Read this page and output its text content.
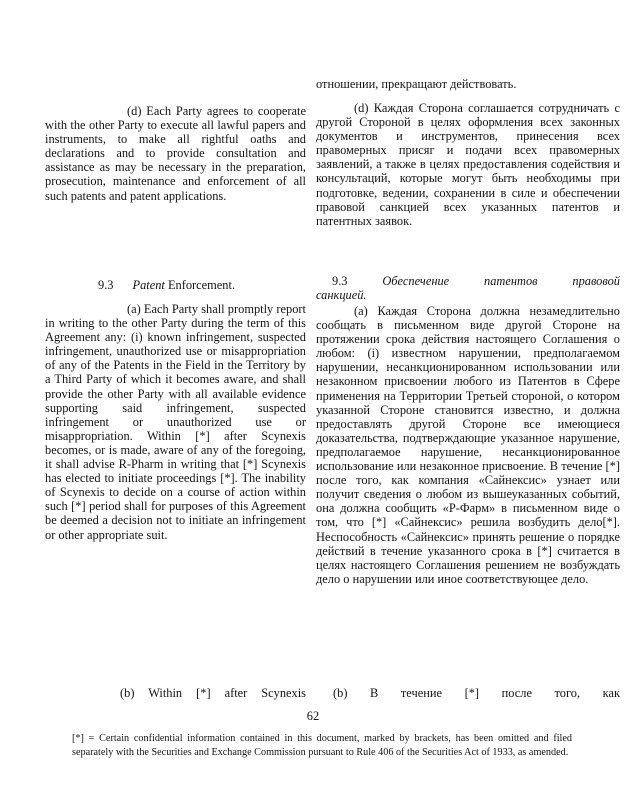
отношении, прекращают действовать.
(d) Each Party agrees to cooperate with the other Party to execute all lawful papers and instruments, to make all rightful oaths and declarations and to provide consultation and assistance as may be necessary in the preparation, prosecution, maintenance and enforcement of all such patents and patent applications.
(d) Каждая Сторона соглашается сотрудничать с другой Стороной в целях оформления всех законных документов и инструментов, принесения всех правомерных присяг и подачи всех правомерных заявлений, а также в целях предоставления содействия и консультаций, которые могут быть необходимы при подготовке, ведении, сохранении в силе и обеспечении правовой санкцией всех указанных патентов и патентных заявок.
9.3 Patent Enforcement.	9.3	Обеспечение патентов правовой
санкцией.
(a) Each Party shall promptly report in writing to the other Party during the term of this Agreement any: (i) known infringement, suspected infringement, unauthorized use or misappropriation of any of the Patents in the Field in the Territory by a Third Party of which it becomes aware, and shall provide the other Party with all available evidence supporting said infringement, suspected infringement or unauthorized use or misappropriation. Within [*] after Scynexis becomes, or is made, aware of any of the foregoing, it shall advise R-Pharm in writing that [*] Scynexis has elected to initiate proceedings [*]. The inability of Scynexis to decide on a course of action within such [*] period shall for purposes of this Agreement be deemed a decision not to initiate an infringement or other appropriate suit.
(a) Каждая Сторона должна незамедлительно сообщать в письменном виде другой Стороне на протяжении срока действия настоящего Соглашения о любом: (i) известном нарушении, предполагаемом нарушении, несанкционированном использовании или незаконном присвоении любого из Патентов в Сфере применения на Территории Третьей стороной, о котором указанной Стороне становится известно, и должна предоставлять другой Стороне все имеющиеся доказательства, подтверждающие указанное нарушение, предполагаемое нарушение, несанкционированное использование или незаконное присвоение. В течение [*] после того, как компания «Сайнексис» узнает или получит сведения о любом из вышеуказанных событий, она должна сообщить «Р-Фарм» в письменном виде о том, что [*] «Сайнексис» решила возбудить дело[*]. Неспособность «Сайнексис» принять решение о порядке действий в течение указанного срока в [*] считается в целях настоящего Соглашения решением не возбуждать дело о нарушении или иное соответствующее дело.
(b) Within [*] after Scynexis (b) В течение [*] после того, как
62
[*] = Certain confidential information contained in this document, marked by brackets, has been omitted and filed separately with the Securities and Exchange Commission pursuant to Rule 406 of the Securities Act of 1933, as amended.
